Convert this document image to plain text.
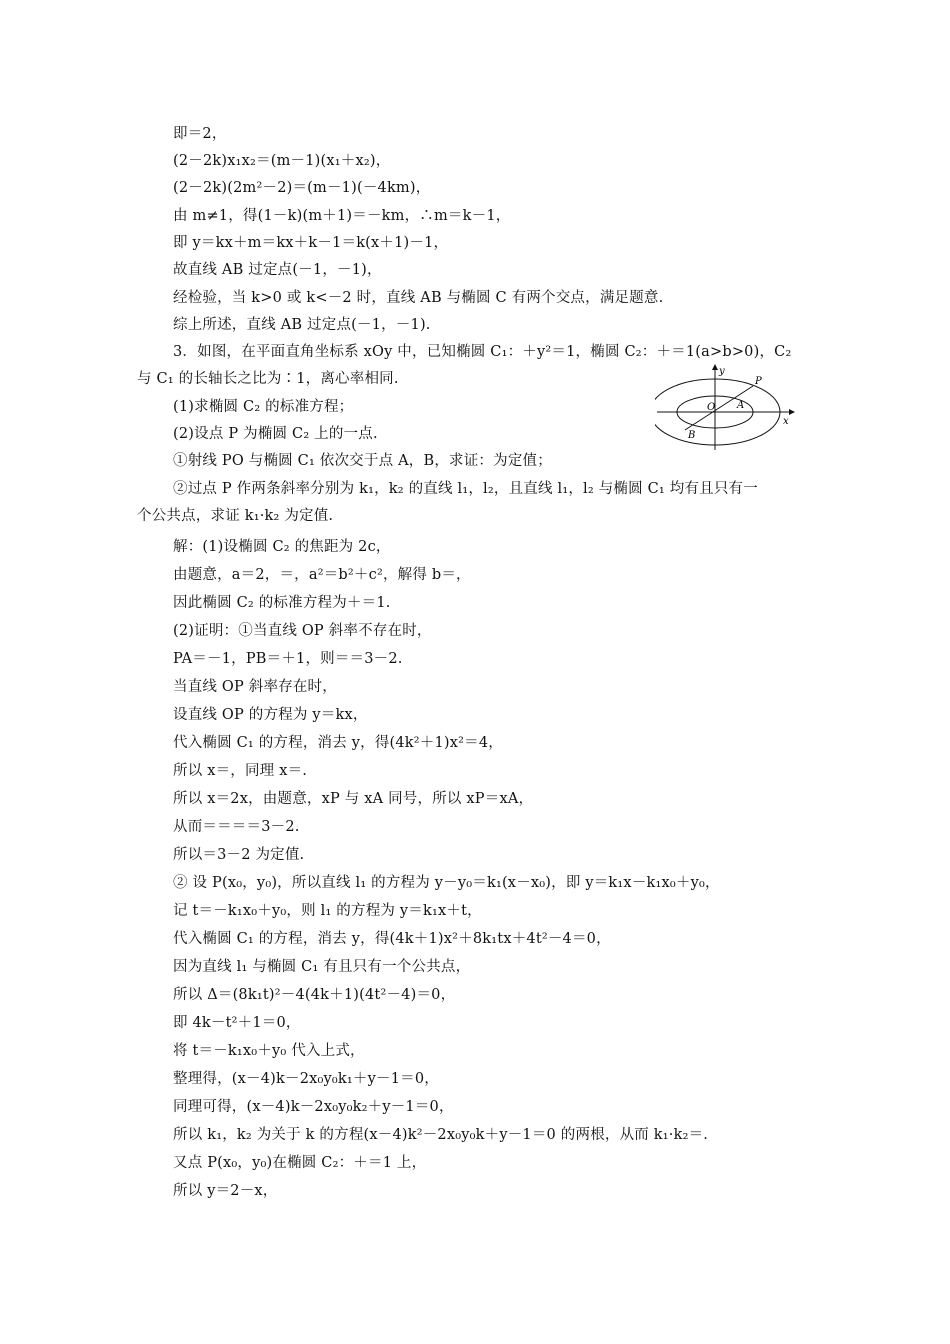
即＝2，
(2－2k)x₁x₂＝(m－1)(x₁＋x₂)，
(2－2k)(2m²－2)＝(m－1)(－4km)，
由 m≠1，得(1－k)(m＋1)＝－km，∴m＝k－1，
即 y＝kx＋m＝kx＋k－1＝k(x＋1)－1，
故直线 AB 过定点(－1，－1)，
经检验，当 k>0 或 k<－2 时，直线 AB 与椭圆 C 有两个交点，满足题意.
综上所述，直线 AB 过定点(－1，－1).
3．如图，在平面直角坐标系 xOy 中，已知椭圆 C₁：＋y²＝1，椭圆 C₂：＋＝1(a>b>0)，C₂
与 C₁ 的长轴长之比为∶1，离心率相同.
(1)求椭圆 C₂ 的标准方程；
(2)设点 P 为椭圆 C₂ 上的一点.
①射线 PO 与椭圆 C₁ 依次交于点 A，B，求证：为定值；
②过点 P 作两条斜率分别为 k₁，k₂ 的直线 l₁，l₂，且直线 l₁，l₂ 与椭圆 C₁ 均有且只有一
个公共点，求证 k₁·k₂ 为定值.
y
x
O
P
A
B
解：(1)设椭圆 C₂ 的焦距为 2c，
由题意，a＝2，＝，a²＝b²＋c²，解得 b＝，
因此椭圆 C₂ 的标准方程为＋＝1.
(2)证明：①当直线 OP 斜率不存在时，
PA＝－1，PB＝＋1，则＝＝3－2.
当直线 OP 斜率存在时，
设直线 OP 的方程为 y＝kx，
代入椭圆 C₁ 的方程，消去 y，得(4k²＋1)x²＝4，
所以 x＝，同理 x＝.
所以 x＝2x，由题意，xP 与 xA 同号，所以 xP＝xA，
从而＝＝＝＝3－2.
所以＝3－2 为定值.
② 设 P(x₀，y₀)，所以直线 l₁ 的方程为 y－y₀＝k₁(x－x₀)，即 y＝k₁x－k₁x₀＋y₀，
记 t＝－k₁x₀＋y₀，则 l₁ 的方程为 y＝k₁x＋t，
代入椭圆 C₁ 的方程，消去 y，得(4k＋1)x²＋8k₁tx＋4t²－4＝0，
因为直线 l₁ 与椭圆 C₁ 有且只有一个公共点，
所以 Δ＝(8k₁t)²－4(4k＋1)(4t²－4)＝0，
即 4k－t²＋1＝0，
将 t＝－k₁x₀＋y₀ 代入上式，
整理得，(x－4)k－2x₀y₀k₁＋y－1＝0，
同理可得，(x－4)k－2x₀y₀k₂＋y－1＝0，
所以 k₁，k₂ 为关于 k 的方程(x－4)k²－2x₀y₀k＋y－1＝0 的两根，从而 k₁·k₂＝.
又点 P(x₀，y₀)在椭圆 C₂：＋＝1 上，
所以 y＝2－x，
